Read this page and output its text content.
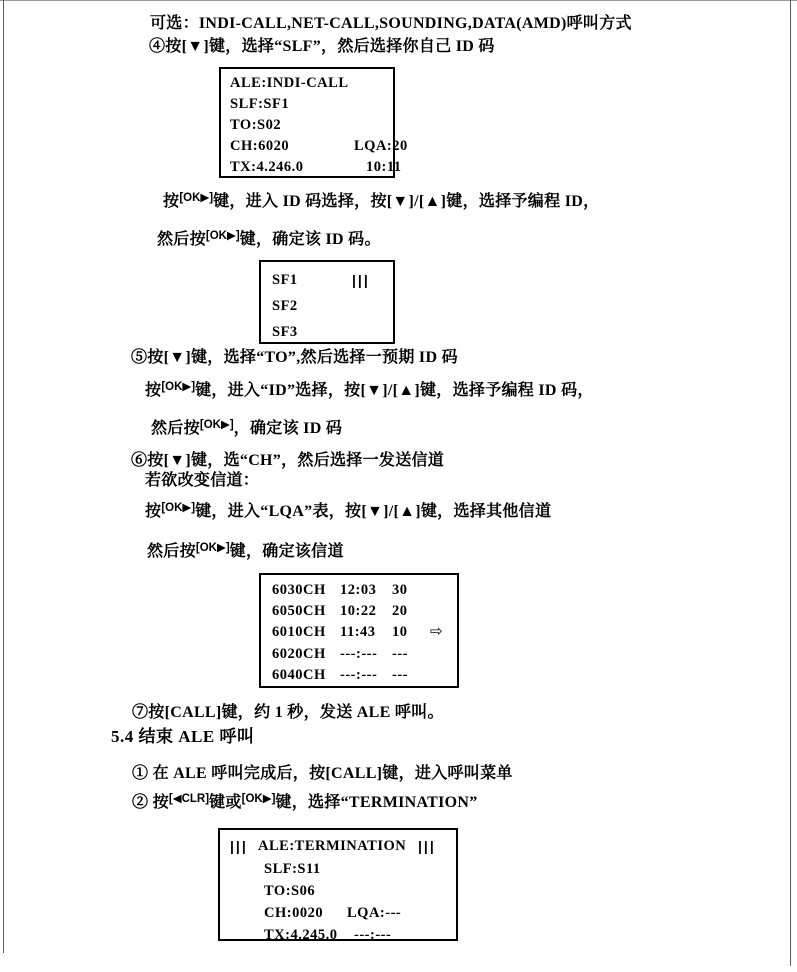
可选：INDI-CALL,NET-CALL,SOUNDING,DATA(AMD)呼叫方式
④按[▼]键，选择“SLF”，然后选择你自己 ID 码
ALE:INDI-CALL
SLF:SF1
TO:S02
CH:6020	LQA:20
TX:4.246.0	10:11
按[OK▶]键，进入 ID 码选择，按[▼]/[▲]键，选择予编程 ID，
然后按[OK▶]键，确定该 ID 码。
SF1	|||
SF2
SF3
⑤按[▼]键，选择“TO”,然后选择一预期 ID 码
按[OK▶]键，进入“ID”选择，按[▼]/[▲]键，选择予编程 ID 码，
然后按[OK▶]，确定该 ID 码
⑥按[▼]键，选“CH”，然后选择一发送信道
若欲改变信道：
按[OK▶]键，进入“LQA”表，按[▼]/[▲]键，选择其他信道
然后按[OK▶]键，确定该信道
6030CH 12:03 30
6050CH 10:22 20
6010CH 11:43 10 ⇨
6020CH ---:--- ---
6040CH ---:--- ---
⑦按[CALL]键，约 1 秒，发送 ALE 呼叫。
5.4 结束 ALE 呼叫
① 在 ALE 呼叫完成后，按[CALL]键，进入呼叫菜单
② 按[◀CLR]键或[OK▶]键，选择“TERMINATION”
||| ALE:TERMINATION |||
SLF:S11
TO:S06
CH:0020 LQA:---
TX:4.245.0 ---:---
